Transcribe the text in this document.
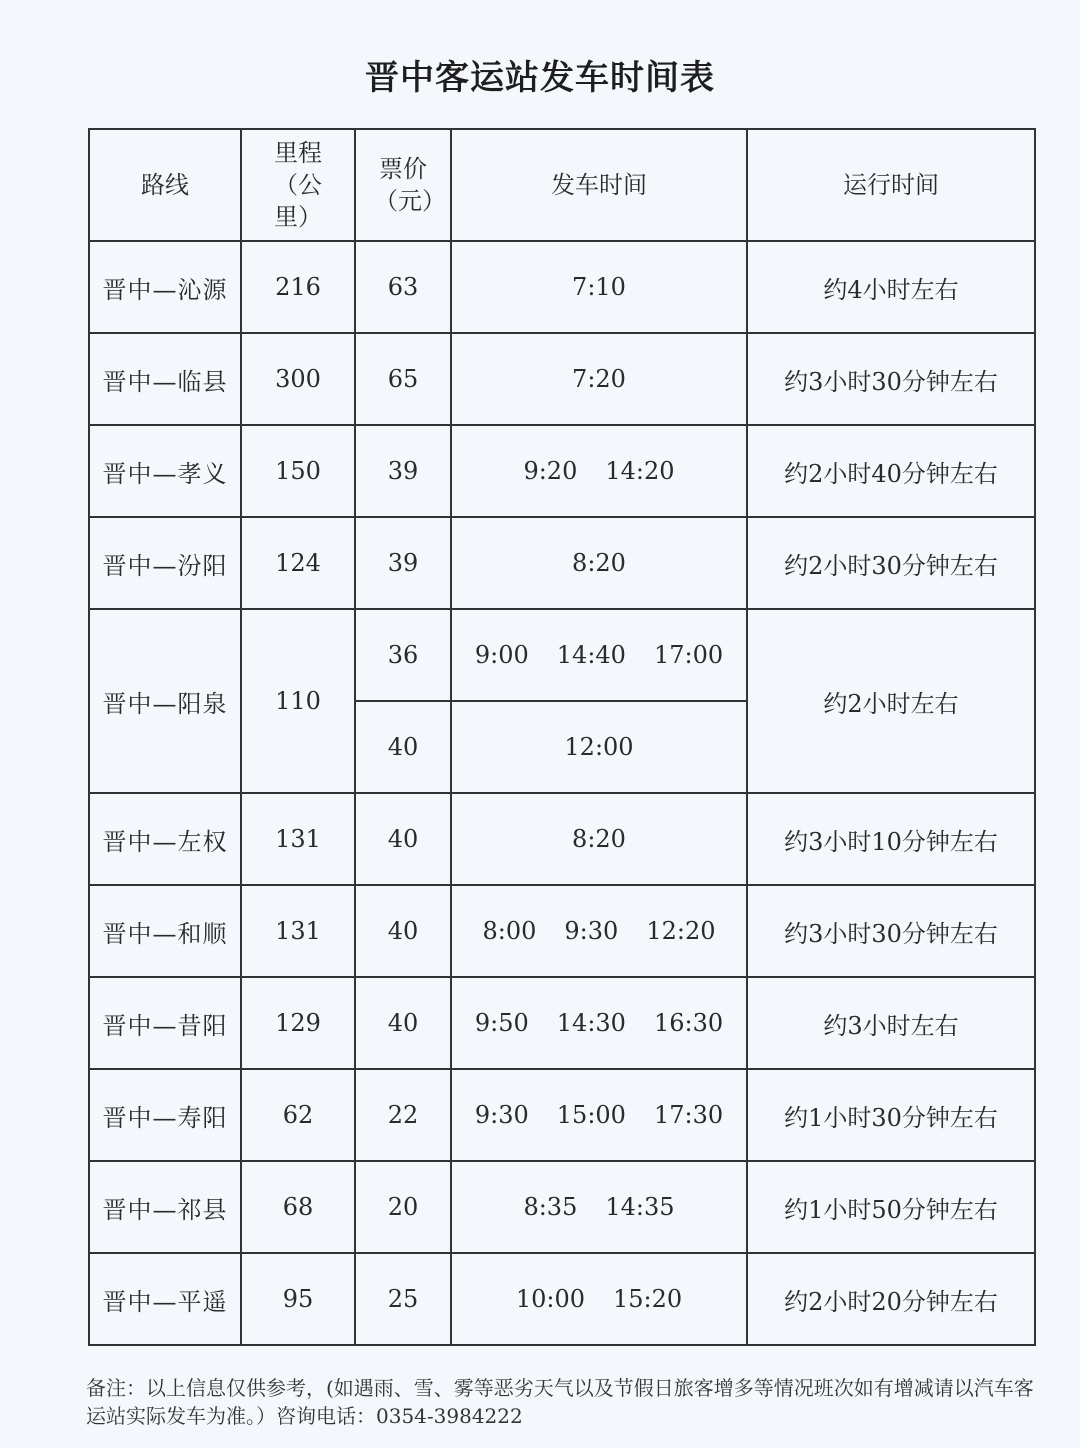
晋中客运站发车时间表
路线	里程（公里）	票价（元）	发车时间	运行时间
晋中—沁源	216	63	7:10	约4小时左右
晋中—临县	300	65	7:20	约3小时30分钟左右
晋中—孝义	150	39	9:20 14:20	约2小时40分钟左右
晋中—汾阳	124	39	8:20	约2小时30分钟左右
晋中—阳泉	110	36	9:00 14:40 17:00	约2小时左右
		40	12:00	
晋中—左权	131	40	8:20	约3小时10分钟左右
晋中—和顺	131	40	8:00 9:30 12:20	约3小时30分钟左右
晋中—昔阳	129	40	9:50 14:30 16:30	约3小时左右
晋中—寿阳	62	22	9:30 15:00 17:30	约1小时30分钟左右
晋中—祁县	68	20	8:35 14:35	约1小时50分钟左右
晋中—平遥	95	25	10:00 15:20	约2小时20分钟左右
备注：以上信息仅供参考，(如遇雨、雪、雾等恶劣天气以及节假日旅客增多等情况班次如有增减请以汽车客运站实际发车为准。）咨询电话：0354-3984222
